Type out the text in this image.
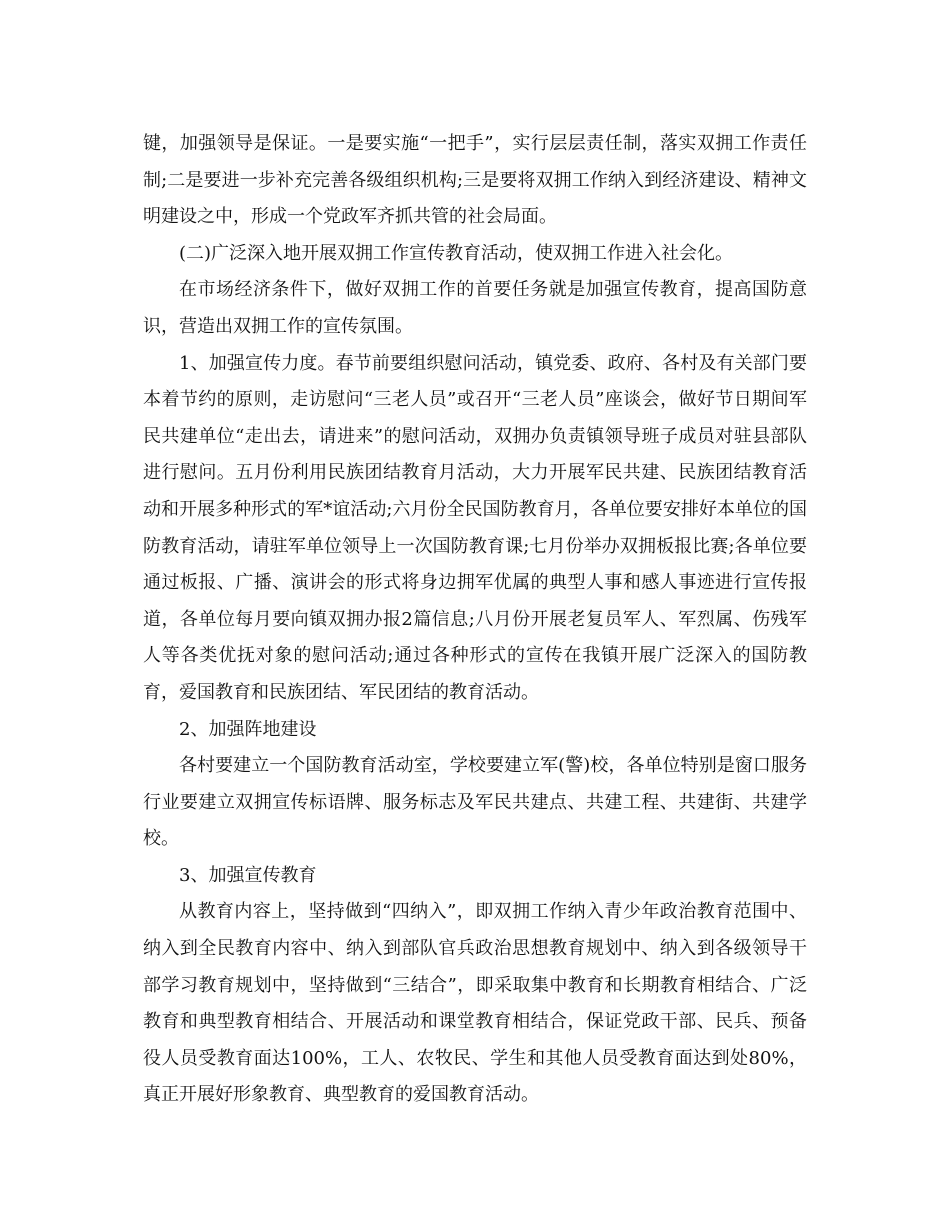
键，加强领导是保证。一是要实施“一把手”，实行层层责任制，落实双拥工作责任制;二是要进一步补充完善各级组织机构;三是要将双拥工作纳入到经济建设、精神文明建设之中，形成一个党政军齐抓共管的社会局面。

(二)广泛深入地开展双拥工作宣传教育活动，使双拥工作进入社会化。

在市场经济条件下，做好双拥工作的首要任务就是加强宣传教育，提高国防意识，营造出双拥工作的宣传氛围。

1、加强宣传力度。春节前要组织慰问活动，镇党委、政府、各村及有关部门要本着节约的原则，走访慰问“三老人员”或召开“三老人员”座谈会，做好节日期间军民共建单位“走出去，请进来”的慰问活动，双拥办负责镇领导班子成员对驻县部队进行慰问。五月份利用民族团结教育月活动，大力开展军民共建、民族团结教育活动和开展多种形式的军*谊活动;六月份全民国防教育月，各单位要安排好本单位的国防教育活动，请驻军单位领导上一次国防教育课;七月份举办双拥板报比赛;各单位要通过板报、广播、演讲会的形式将身边拥军优属的典型人事和感人事迹进行宣传报道，各单位每月要向镇双拥办报2篇信息;八月份开展老复员军人、军烈属、伤残军人等各类优抚对象的慰问活动;通过各种形式的宣传在我镇开展广泛深入的国防教育，爱国教育和民族团结、军民团结的教育活动。

2、加强阵地建设

各村要建立一个国防教育活动室，学校要建立军(警)校，各单位特别是窗口服务行业要建立双拥宣传标语牌、服务标志及军民共建点、共建工程、共建街、共建学校。

3、加强宣传教育

从教育内容上，坚持做到“四纳入”，即双拥工作纳入青少年政治教育范围中、纳入到全民教育内容中、纳入到部队官兵政治思想教育规划中、纳入到各级领导干部学习教育规划中，坚持做到“三结合”，即采取集中教育和长期教育相结合、广泛教育和典型教育相结合、开展活动和课堂教育相结合，保证党政干部、民兵、预备役人员受教育面达100%，工人、农牧民、学生和其他人员受教育面达到处80%，真正开展好形象教育、典型教育的爱国教育活动。
